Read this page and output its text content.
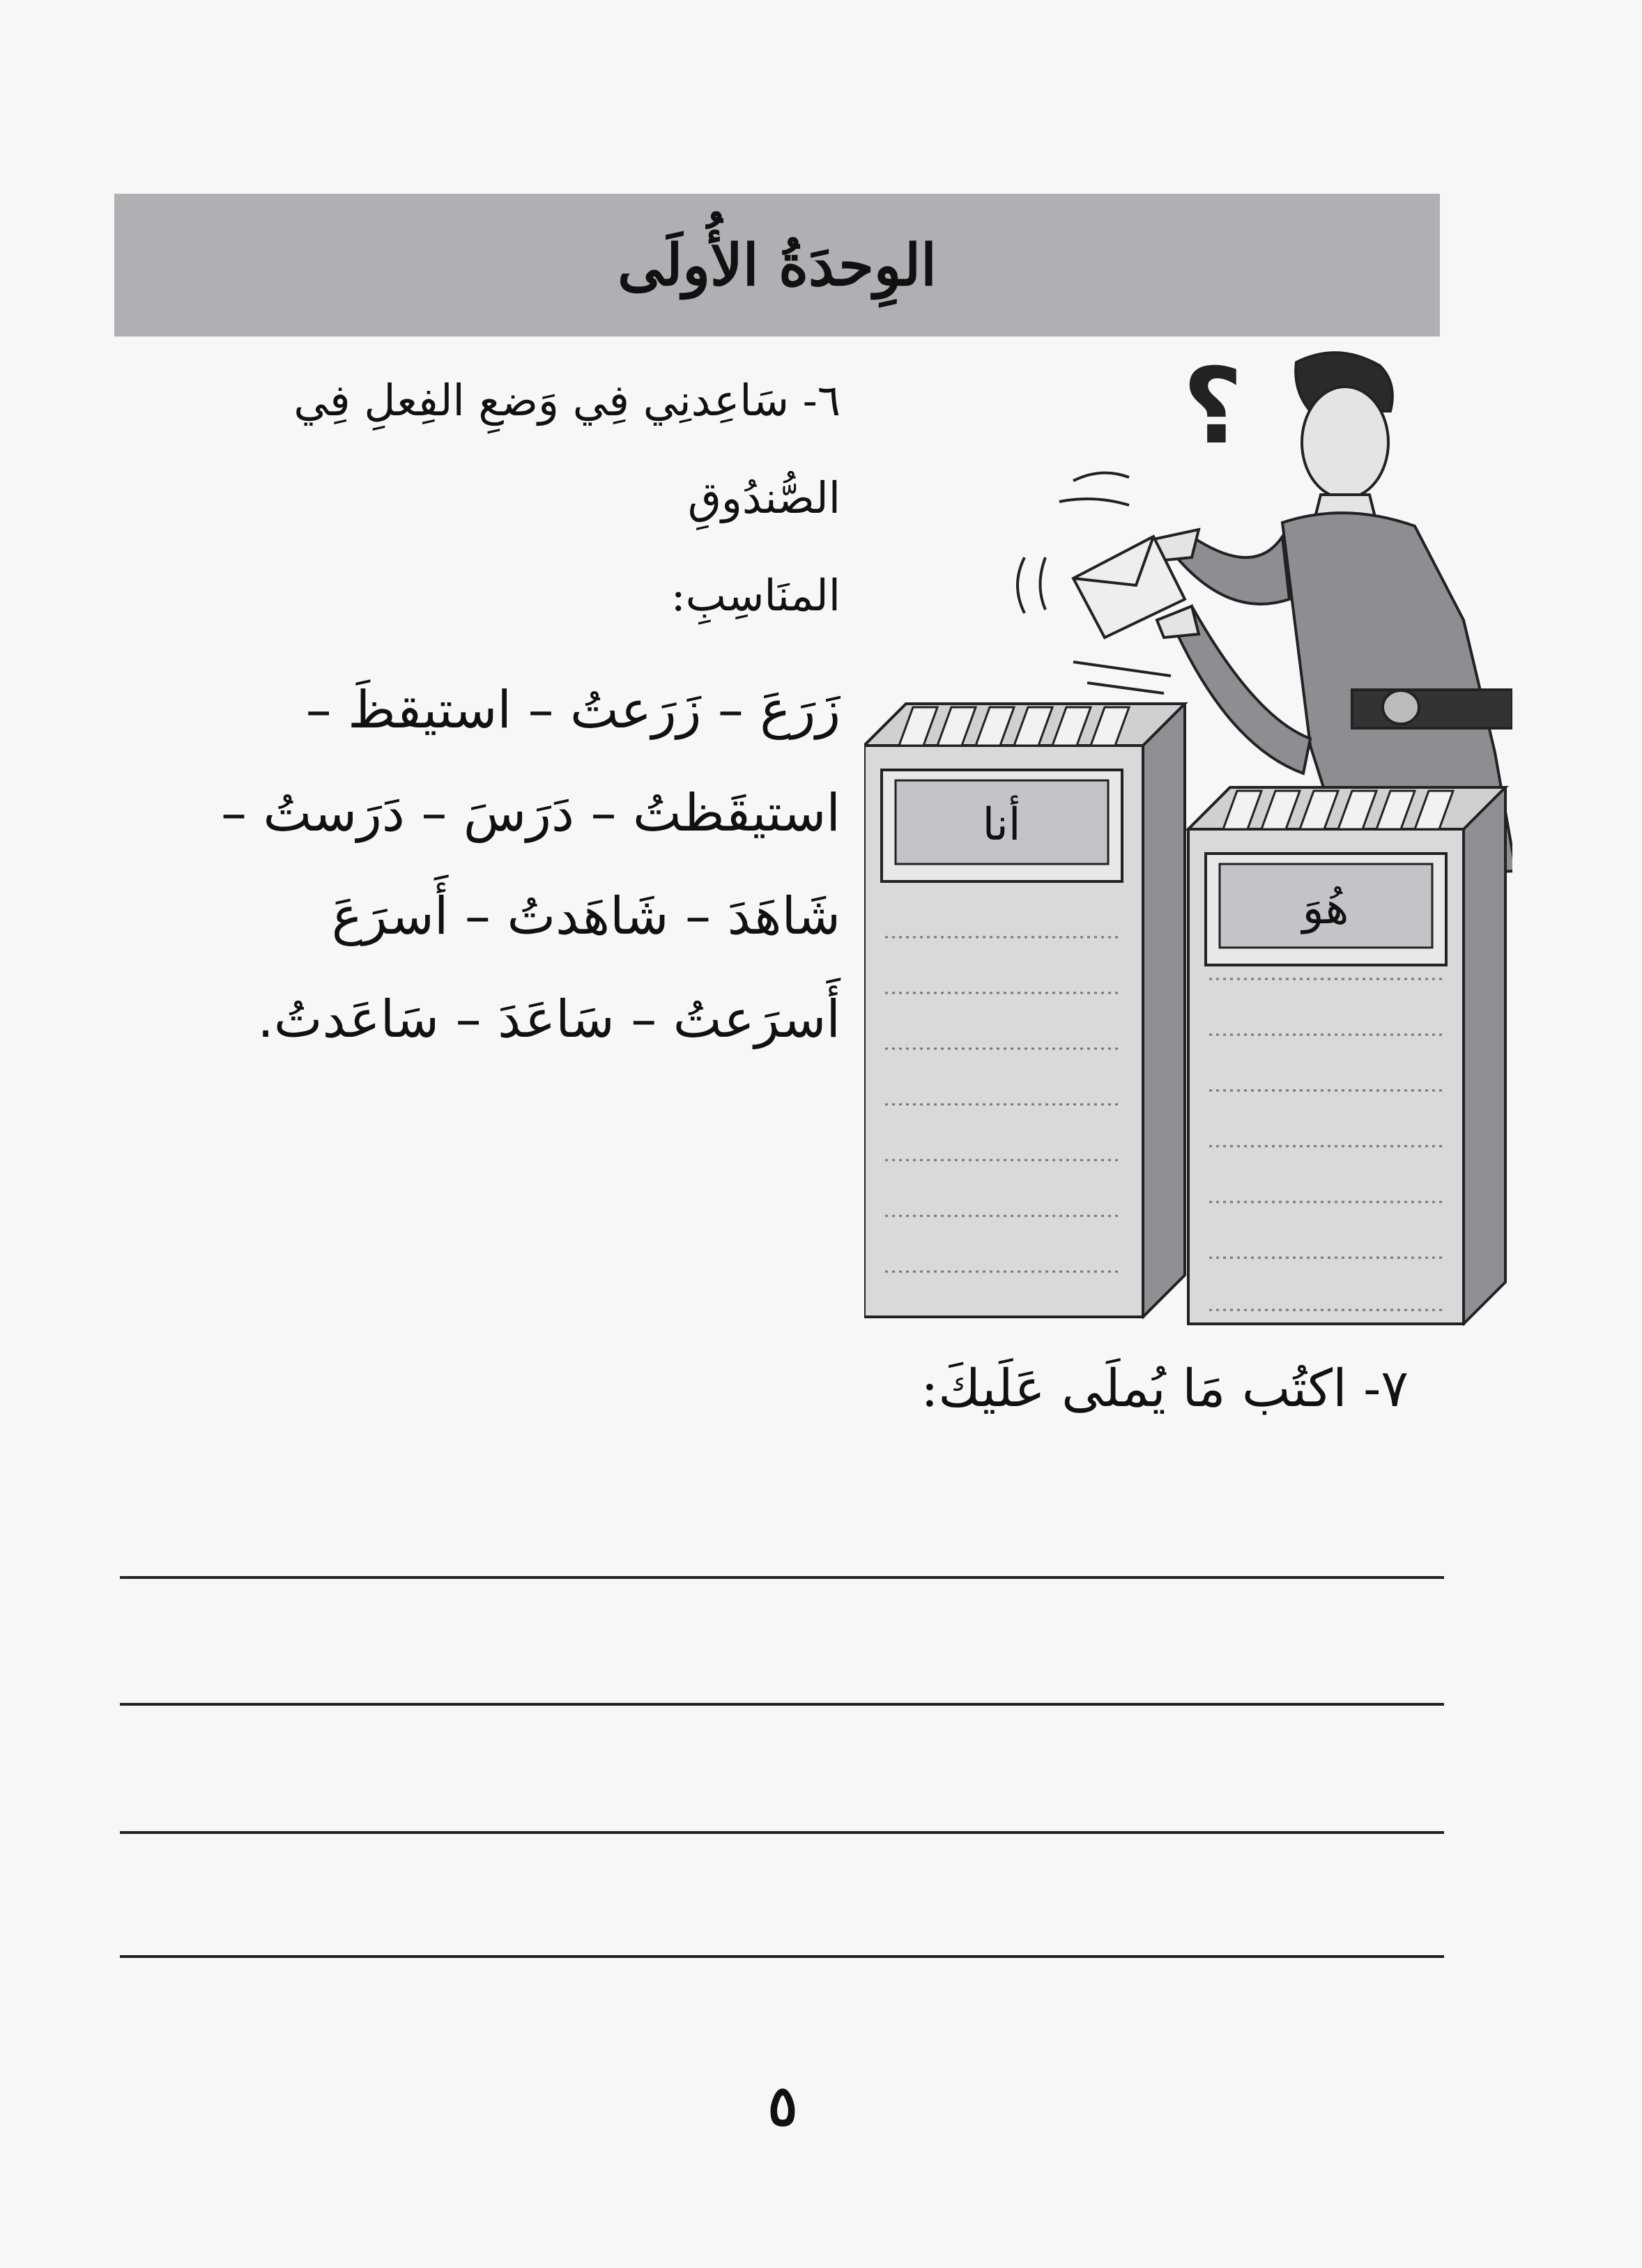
الوِحدَةُ الأُولَى

٦- سَاعِدنِي فِي وَضعِ الفِعلِ فِي الصُّندُوقِ

المنَاسِبِ:

زَرَعَ – زَرَعتُ – استيقظَ –
استيقَظتُ – دَرَسَ – دَرَستُ –
شَاهَدَ – شَاهَدتُ – أَسرَعَ
أَسرَعتُ – سَاعَدَ – سَاعَدتُ.
؟
أنا
هُوَ
٧- اكتُب مَا يُملَى عَلَيكَ:
٥
